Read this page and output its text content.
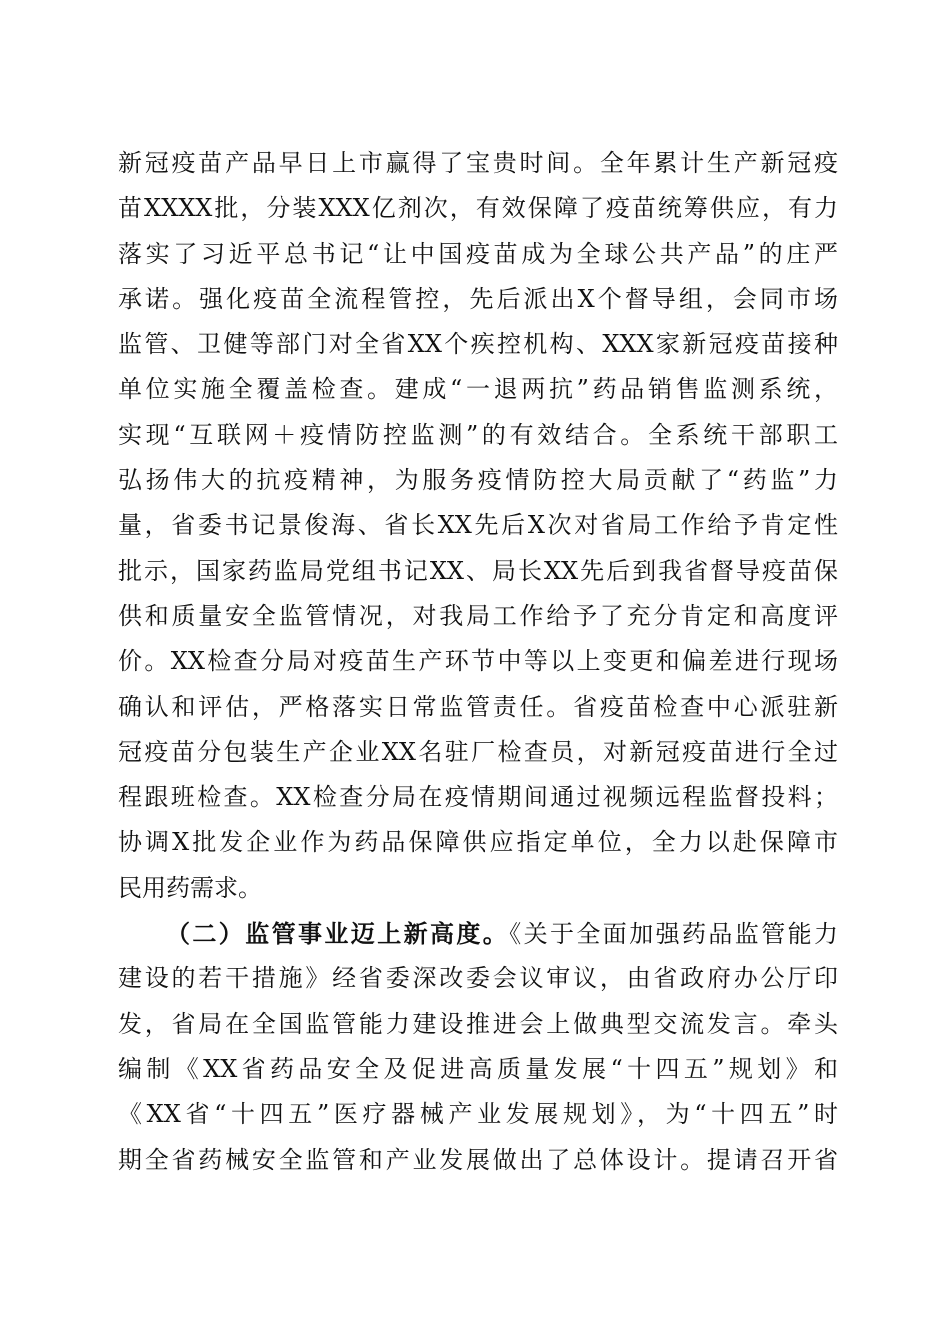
新冠疫苗产品早日上市赢得了宝贵时间。全年累计生产新冠疫
苗XXXX批，分装XXX亿剂次，有效保障了疫苗统筹供应，有力
落实了习近平总书记“让中国疫苗成为全球公共产品”的庄严
承诺。强化疫苗全流程管控，先后派出X个督导组，会同市场
监管、卫健等部门对全省XX个疾控机构、XXX家新冠疫苗接种
单位实施全覆盖检查。建成“一退两抗”药品销售监测系统，
实现“互联网＋疫情防控监测”的有效结合。全系统干部职工
弘扬伟大的抗疫精神，为服务疫情防控大局贡献了“药监”力
量，省委书记景俊海、省长XX先后X次对省局工作给予肯定性
批示，国家药监局党组书记XX、局长XX先后到我省督导疫苗保
供和质量安全监管情况，对我局工作给予了充分肯定和高度评
价。XX检查分局对疫苗生产环节中等以上变更和偏差进行现场
确认和评估，严格落实日常监管责任。省疫苗检查中心派驻新
冠疫苗分包装生产企业XX名驻厂检查员，对新冠疫苗进行全过
程跟班检查。XX检查分局在疫情期间通过视频远程监督投料；
协调X批发企业作为药品保障供应指定单位，全力以赴保障市
民用药需求。
（二）监管事业迈上新高度。《关于全面加强药品监管能力
建设的若干措施》经省委深改委会议审议，由省政府办公厅印
发，省局在全国监管能力建设推进会上做典型交流发言。牵头
编制《XX省药品安全及促进高质量发展“十四五”规划》和
《XX省“十四五”医疗器械产业发展规划》，为“十四五”时
期全省药械安全监管和产业发展做出了总体设计。提请召开省
